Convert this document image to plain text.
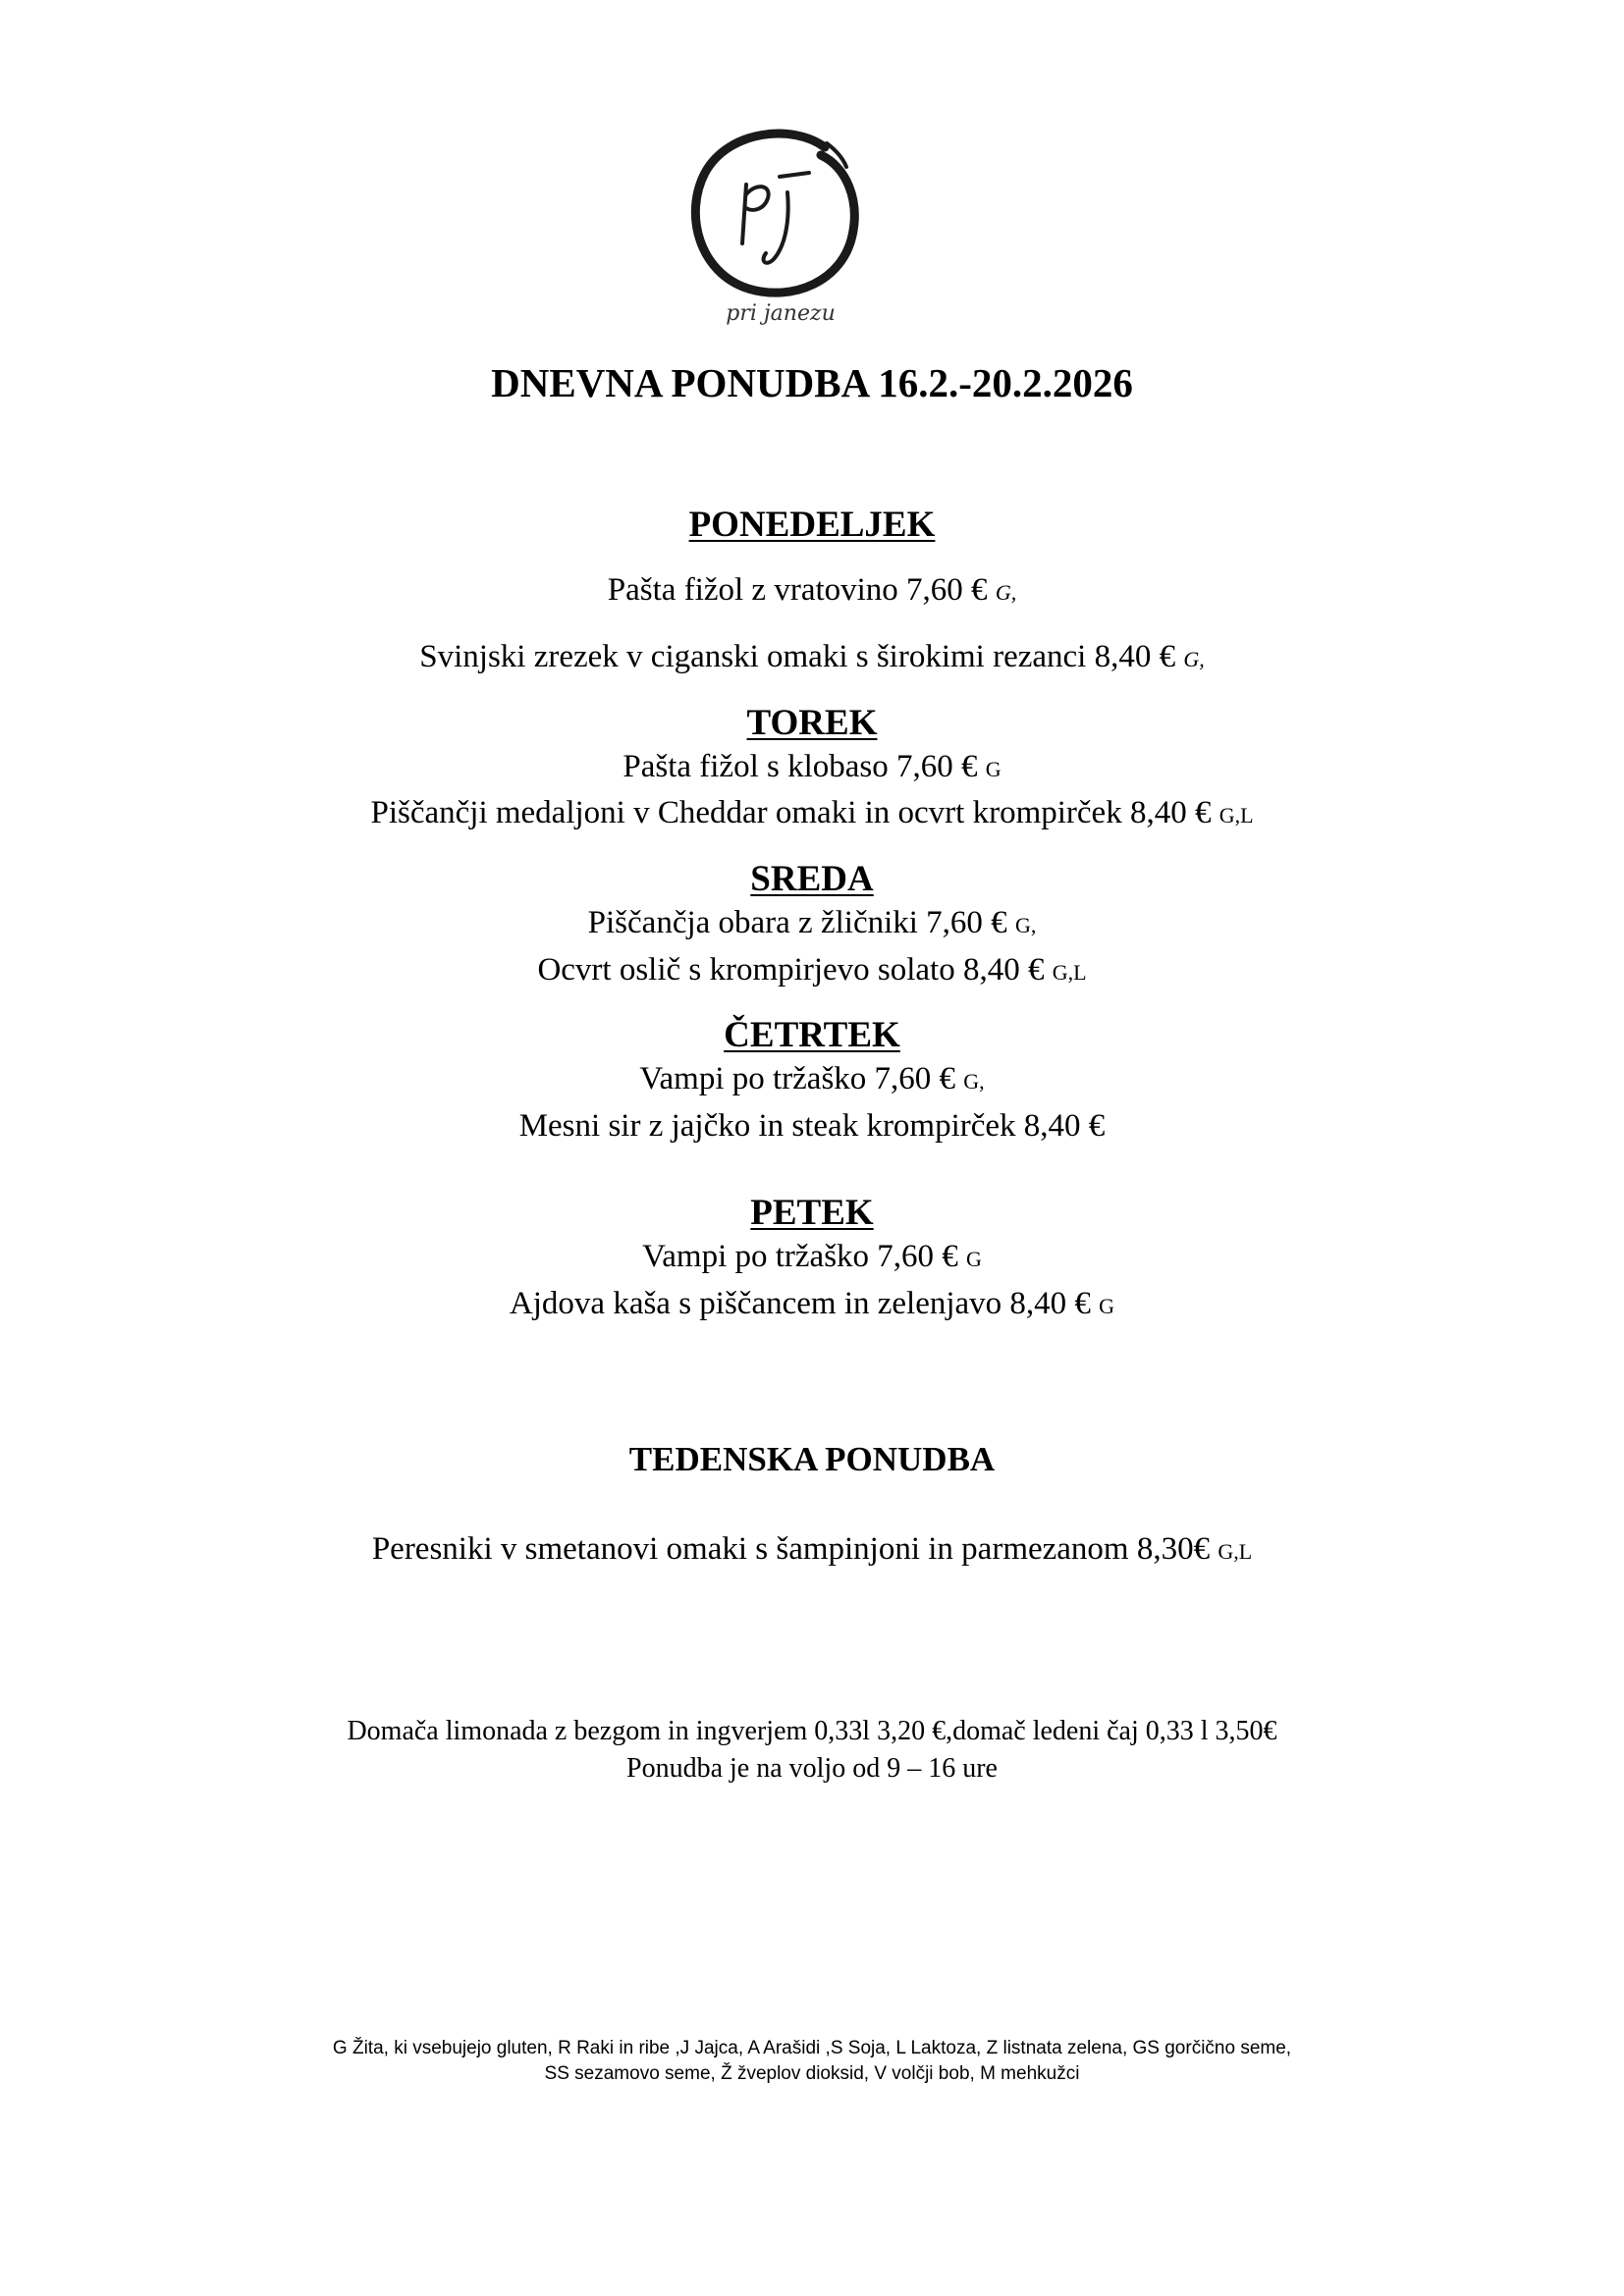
pri janezu
DNEVNA PONUDBA 16.2.-20.2.2026
PONEDELJEK
Pašta fižol z vratovino 7,60 € G,
Svinjski zrezek v ciganski omaki s širokimi rezanci 8,40 € G,
TOREK
Pašta fižol s klobaso 7,60 € G
Piščančji medaljoni v Cheddar omaki in ocvrt krompirček 8,40 € G,L
SREDA
Piščančja obara z žličniki 7,60 € G,
Ocvrt oslič s krompirjevo solato 8,40 € G,L
ČETRTEK
Vampi po tržaško 7,60 € G,
Mesni sir z jajčko in steak krompirček 8,40 €
PETEK
Vampi po tržaško 7,60 € G
Ajdova kaša s piščancem in zelenjavo 8,40 € G
TEDENSKA PONUDBA
Peresniki v smetanovi omaki s šampinjoni in parmezanom 8,30€ G,L
Domača limonada z bezgom in ingverjem 0,33l 3,20 €,domač ledeni čaj 0,33 l 3,50€
Ponudba je na voljo od 9 – 16 ure
G Žita, ki vsebujejo gluten, R Raki in ribe ,J Jajca, A Arašidi ,S Soja, L Laktoza, Z listnata zelena, GS gorčično seme,
SS sezamovo seme, Ž žveplov dioksid, V volčji bob, M mehkužci
